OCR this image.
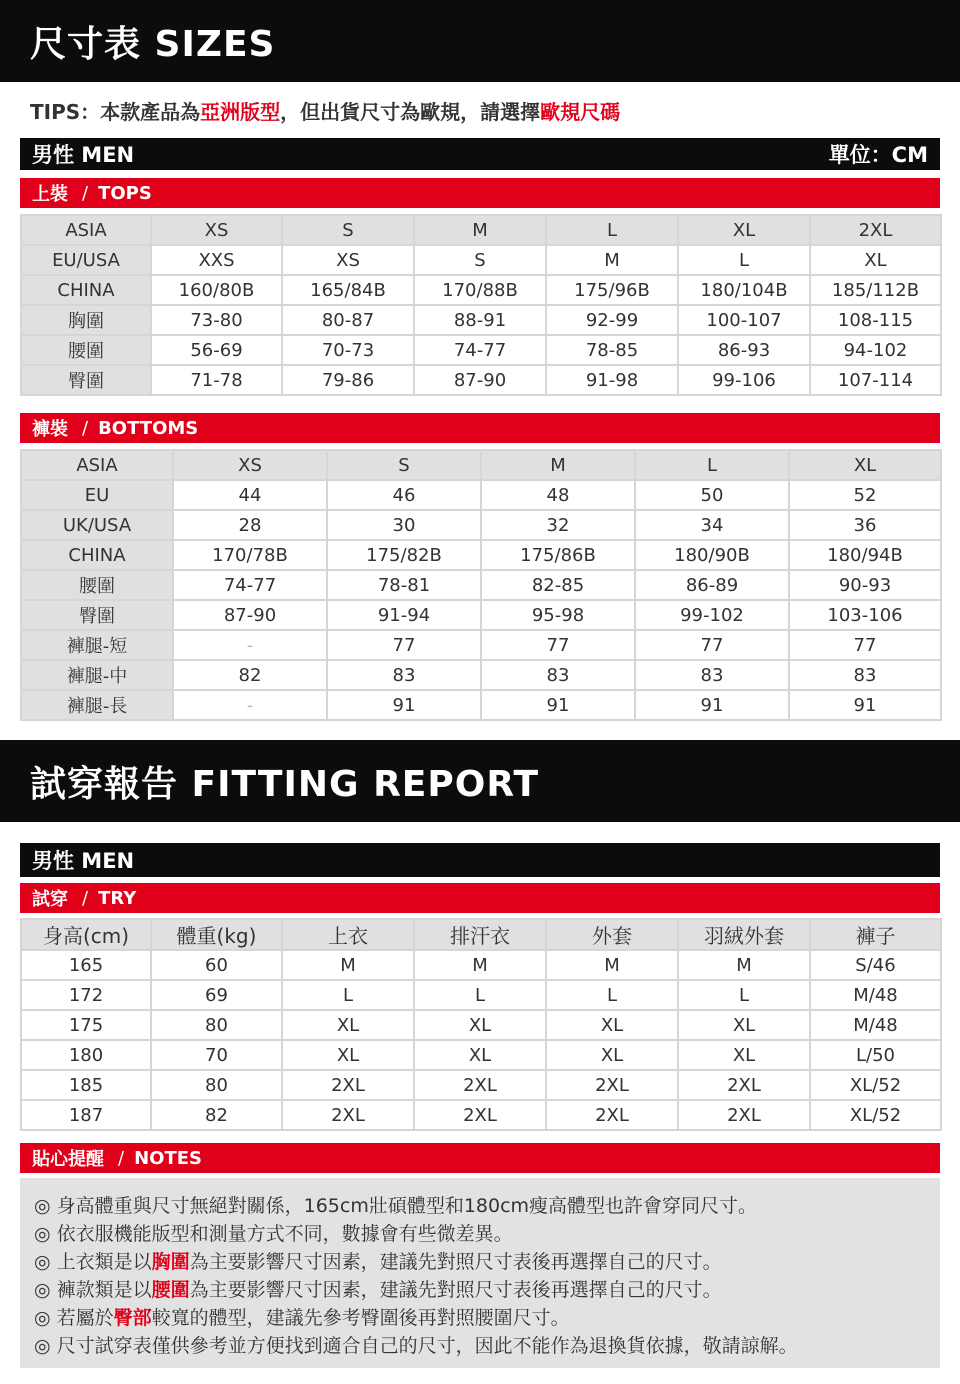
尺寸表 SIZES
TIPS：本款產品為亞洲版型，但出貨尺寸為歐規，請選擇歐規尺碼
男性 MEN	單位：CM
上裝 / TOPS
ASIA	XS	S	M	L	XL	2XL
EU/USA	XXS	XS	S	M	L	XL
CHINA	160/80B	165/84B	170/88B	175/96B	180/104B	185/112B
胸圍	73-80	80-87	88-91	92-99	100-107	108-115
腰圍	56-69	70-73	74-77	78-85	86-93	94-102
臀圍	71-78	79-86	87-90	91-98	99-106	107-114
褲裝 / BOTTOMS
ASIA	XS	S	M	L	XL
EU	44	46	48	50	52
UK/USA	28	30	32	34	36
CHINA	170/78B	175/82B	175/86B	180/90B	180/94B
腰圍	74-77	78-81	82-85	86-89	90-93
臀圍	87-90	91-94	95-98	99-102	103-106
褲腿-短	-	77	77	77	77
褲腿-中	82	83	83	83	83
褲腿-長	-	91	91	91	91
試穿報告 FITTING REPORT
男性 MEN
試穿 / TRY
身高(cm)	體重(kg)	上衣	排汗衣	外套	羽絨外套	褲子
165	60	M	M	M	M	S/46
172	69	L	L	L	L	M/48
175	80	XL	XL	XL	XL	M/48
180	70	XL	XL	XL	XL	L/50
185	80	2XL	2XL	2XL	2XL	XL/52
187	82	2XL	2XL	2XL	2XL	XL/52
貼心提醒 / NOTES
◎ 身高體重與尺寸無絕對關係，165cm壯碩體型和180cm瘦高體型也許會穿同尺寸。
◎ 依衣服機能版型和測量方式不同，數據會有些微差異。
◎ 上衣類是以胸圍為主要影響尺寸因素，建議先對照尺寸表後再選擇自己的尺寸。
◎ 褲款類是以腰圍為主要影響尺寸因素，建議先對照尺寸表後再選擇自己的尺寸。
◎ 若屬於臀部較寬的體型，建議先參考臀圍後再對照腰圍尺寸。
◎ 尺寸試穿表僅供參考並方便找到適合自己的尺寸，因此不能作為退換貨依據，敬請諒解。
